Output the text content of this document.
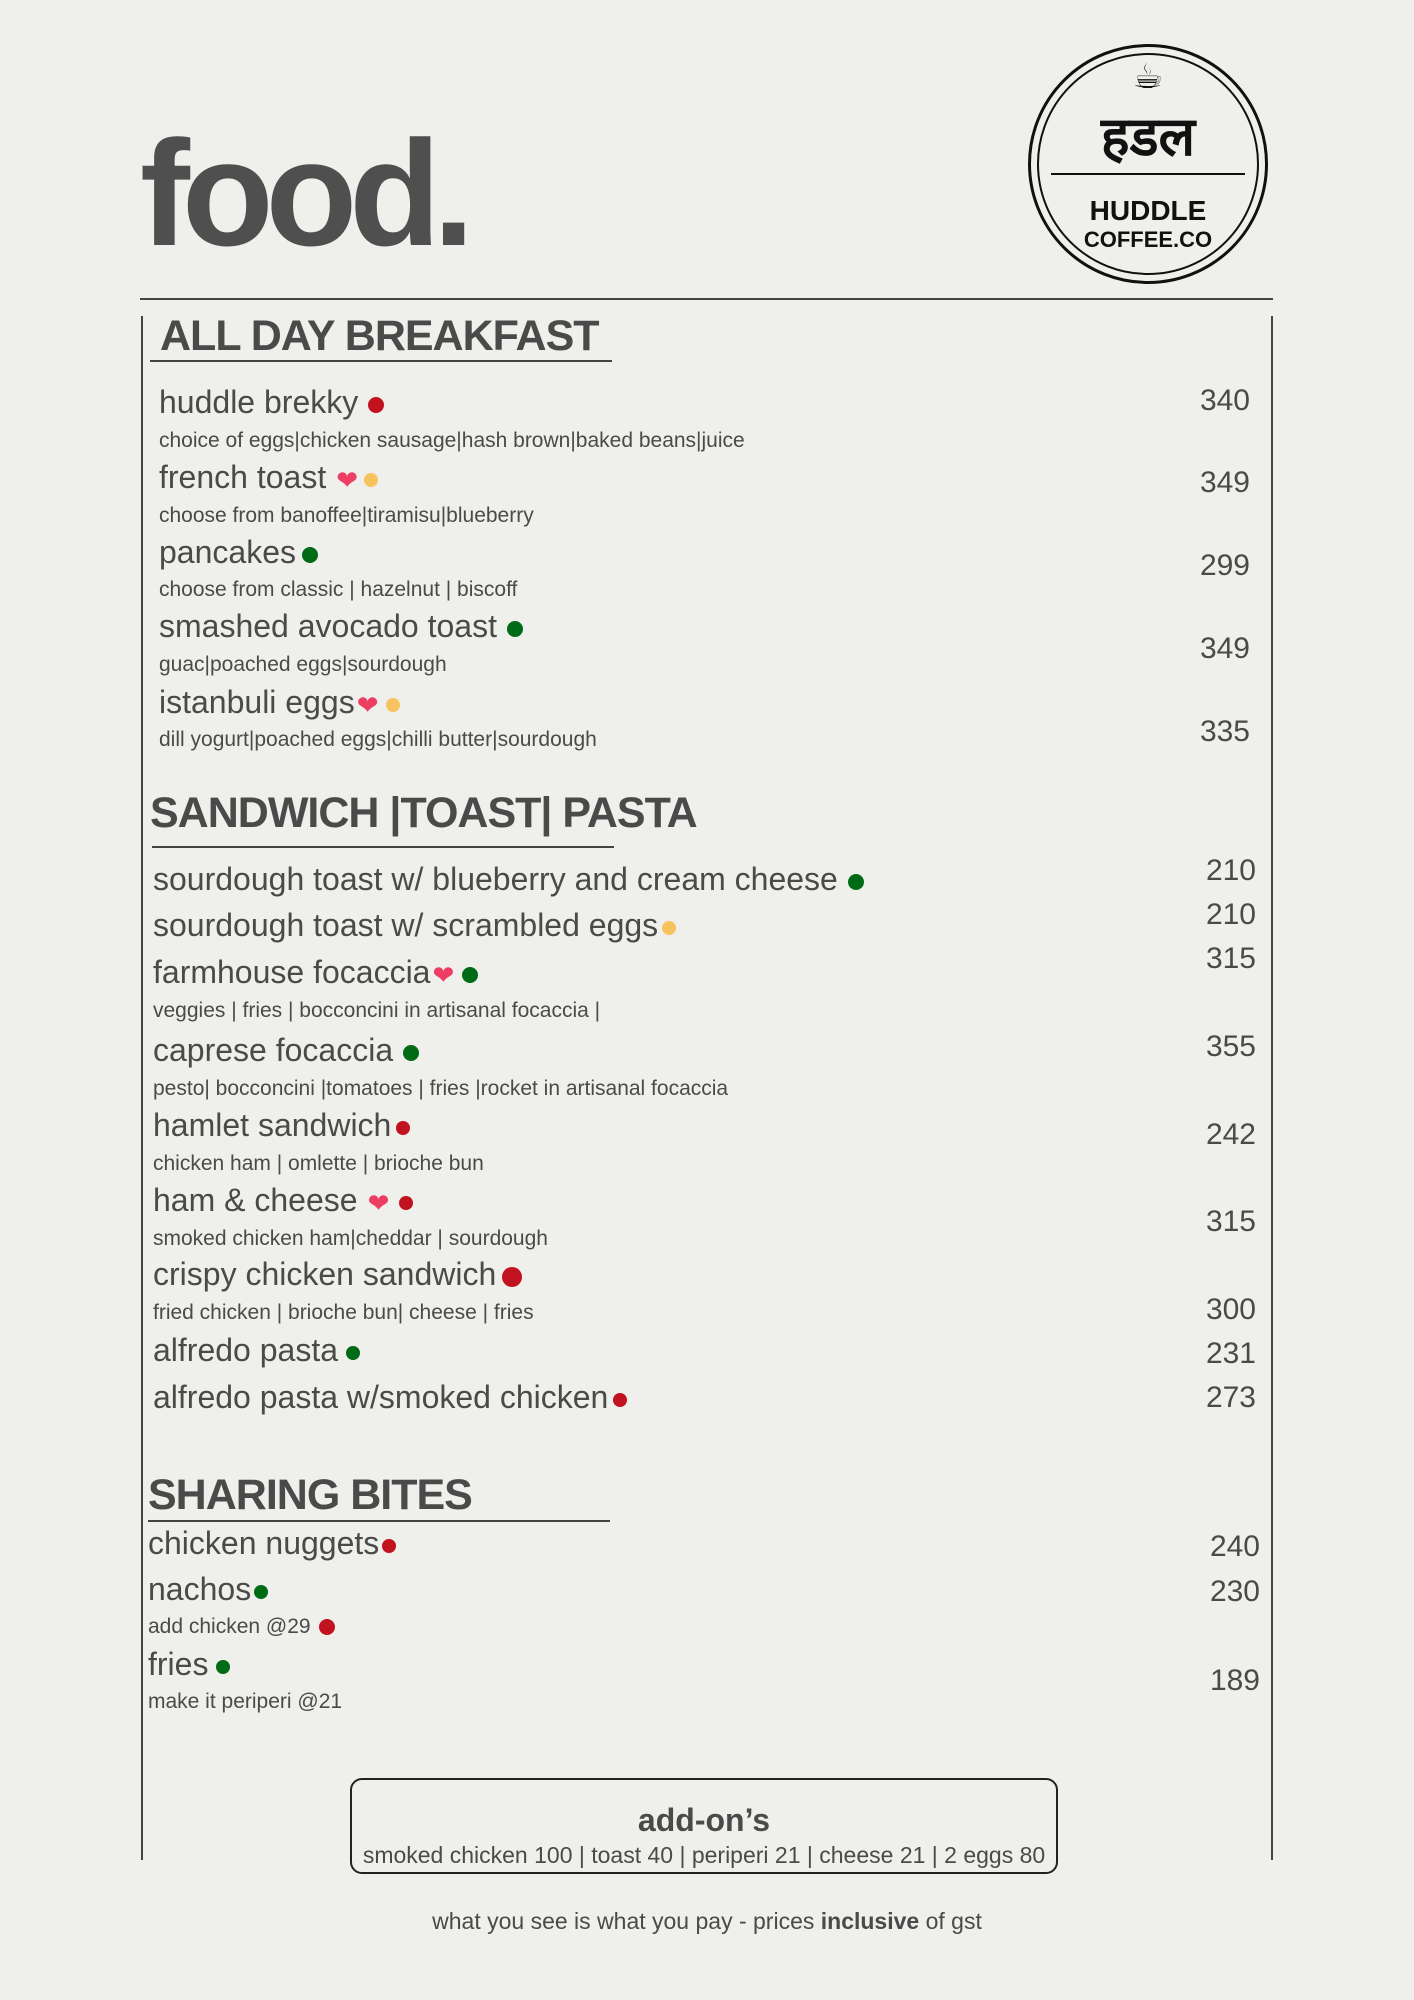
food.
☕
हडल
HUDDLE
COFFEE.CO
ALL DAY BREAKFAST
huddle brekky
choice of eggs|chicken sausage|hash brown|baked beans|juice
340
french toast ❤
choose from banoffee|tiramisu|blueberry
349
pancakes
choose from classic | hazelnut | biscoff
299
smashed avocado toast
guac|poached eggs|sourdough	349
istanbuli eggs❤
dill yogurt|poached eggs|chilli butter|sourdough	335
SANDWICH |TOAST| PASTA
sourdough toast w/ blueberry and cream cheese	210
sourdough toast w/ scrambled eggs	210
farmhouse focaccia❤
veggies | fries | bocconcini in artisanal focaccia |
315
caprese focaccia
pesto| bocconcini |tomatoes | fries |rocket in artisanal focaccia
355
hamlet sandwich
chicken ham | omlette | brioche bun
242
ham & cheese ❤
smoked chicken ham|cheddar | sourdough
315
crispy chicken sandwich
fried chicken | brioche bun| cheese | fries	300
alfredo pasta	231
alfredo pasta w/smoked chicken	273
SHARING BITES
chicken nuggets	240
nachos
add chicken @29
230
fries
make it periperi @21
189
add-on’s
smoked chicken 100 | toast 40 | periperi 21 | cheese 21 | 2 eggs 80
what you see is what you pay - prices inclusive of gst
